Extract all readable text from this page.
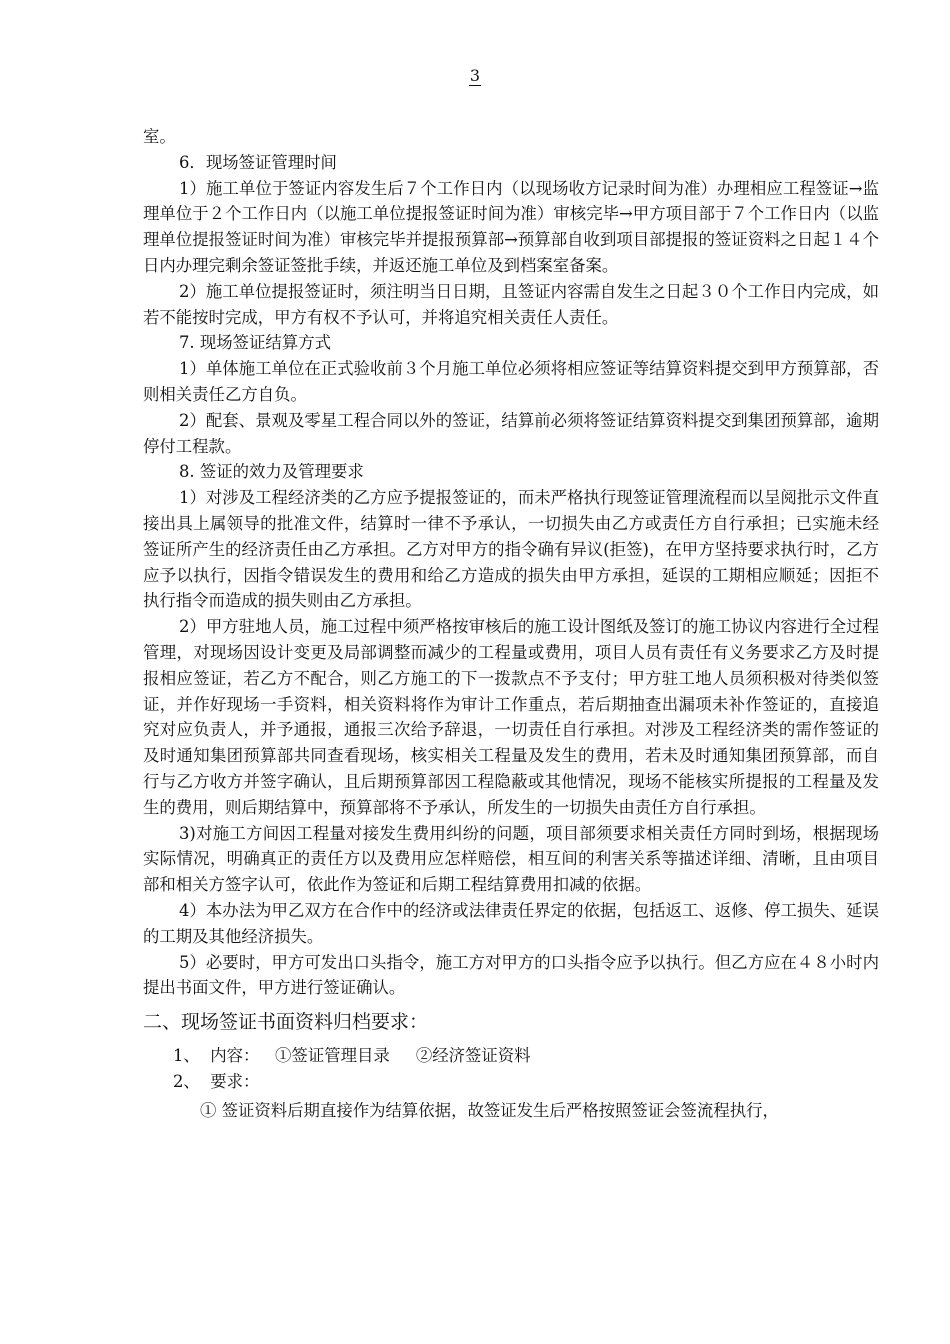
3

室。

6．现场签证管理时间

1）施工单位于签证内容发生后７个工作日内（以现场收方记录时间为准）办理相应工程签证→监理单位于２个工作日内（以施工单位提报签证时间为准）审核完毕→甲方项目部于７个工作日内（以监理单位提报签证时间为准）审核完毕并提报预算部→预算部自收到项目部提报的签证资料之日起１４个日内办理完剩余签证签批手续，并返还施工单位及到档案室备案。

2）施工单位提报签证时，须注明当日日期，且签证内容需自发生之日起３０个工作日内完成，如若不能按时完成，甲方有权不予认可，并将追究相关责任人责任。

7. 现场签证结算方式

1）单体施工单位在正式验收前３个月施工单位必须将相应签证等结算资料提交到甲方预算部，否则相关责任乙方自负。

2）配套、景观及零星工程合同以外的签证，结算前必须将签证结算资料提交到集团预算部，逾期停付工程款。

8. 签证的效力及管理要求

1）对涉及工程经济类的乙方应予提报签证的，而未严格执行现签证管理流程而以呈阅批示文件直接出具上属领导的批准文件，结算时一律不予承认，一切损失由乙方或责任方自行承担；已实施未经签证所产生的经济责任由乙方承担。乙方对甲方的指令确有异议(拒签)，在甲方坚持要求执行时，乙方应予以执行，因指令错误发生的费用和给乙方造成的损失由甲方承担，延误的工期相应顺延；因拒不执行指令而造成的损失则由乙方承担。

2）甲方驻地人员，施工过程中须严格按审核后的施工设计图纸及签订的施工协议内容进行全过程管理，对现场因设计变更及局部调整而减少的工程量或费用，项目人员有责任有义务要求乙方及时提报相应签证，若乙方不配合，则乙方施工的下一拨款点不予支付；甲方驻工地人员须积极对待类似签证，并作好现场一手资料，相关资料将作为审计工作重点，若后期抽查出漏项未补作签证的，直接追究对应负责人，并予通报，通报三次给予辞退，一切责任自行承担。对涉及工程经济类的需作签证的及时通知集团预算部共同查看现场，核实相关工程量及发生的费用，若未及时通知集团预算部，而自行与乙方收方并签字确认，且后期预算部因工程隐蔽或其他情况，现场不能核实所提报的工程量及发生的费用，则后期结算中，预算部将不予承认，所发生的一切损失由责任方自行承担。

3)对施工方间因工程量对接发生费用纠纷的问题，项目部须要求相关责任方同时到场，根据现场实际情况，明确真正的责任方以及费用应怎样赔偿，相互间的利害关系等描述详细、清晰，且由项目部和相关方签字认可，依此作为签证和后期工程结算费用扣减的依据。

4）本办法为甲乙双方在合作中的经济或法律责任界定的依据，包括返工、返修、停工损失、延误的工期及其他经济损失。

5）必要时，甲方可发出口头指令，施工方对甲方的口头指令应予以执行。但乙方应在４８小时内提出书面文件，甲方进行签证确认。

二、现场签证书面资料归档要求：

1、  内容：   ①签证管理目录     ②经济签证资料

2、  要求：

① 签证资料后期直接作为结算依据，故签证发生后严格按照签证会签流程执行，
